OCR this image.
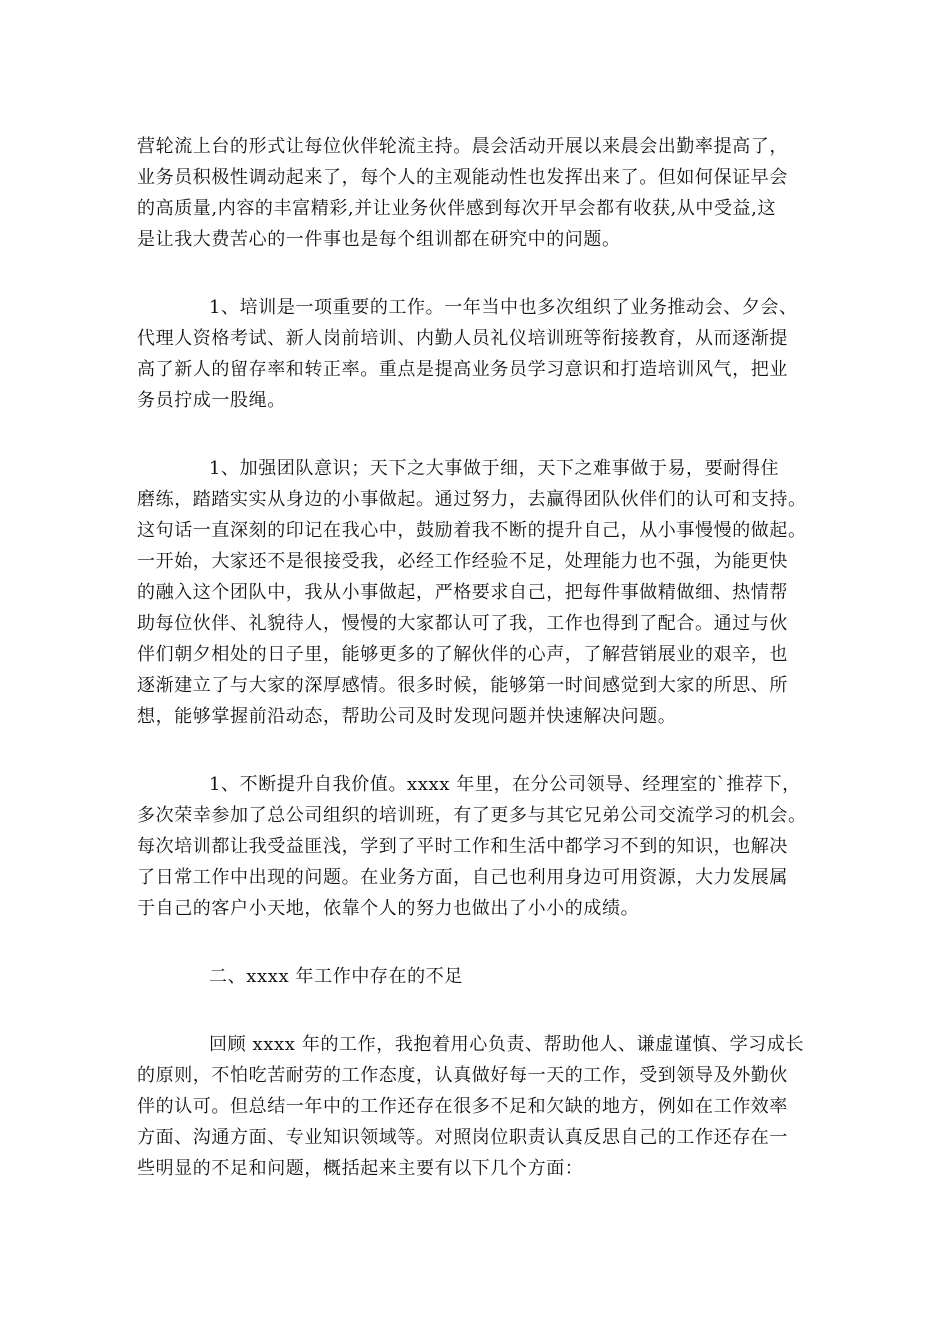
营轮流上台的形式让每位伙伴轮流主持。晨会活动开展以来晨会出勤率提高了，
业务员积极性调动起来了，每个人的主观能动性也发挥出来了。但如何保证早会
的高质量,内容的丰富精彩,并让业务伙伴感到每次开早会都有收获,从中受益,这
是让我大费苦心的一件事也是每个组训都在研究中的问题。
1、培训是一项重要的工作。一年当中也多次组织了业务推动会、夕会、
代理人资格考试、新人岗前培训、内勤人员礼仪培训班等衔接教育，从而逐渐提
高了新人的留存率和转正率。重点是提高业务员学习意识和打造培训风气，把业
务员拧成一股绳。
1、加强团队意识；天下之大事做于细，天下之难事做于易，要耐得住
磨练，踏踏实实从身边的小事做起。通过努力，去赢得团队伙伴们的认可和支持。
这句话一直深刻的印记在我心中，鼓励着我不断的提升自己，从小事慢慢的做起。
一开始，大家还不是很接受我，必经工作经验不足，处理能力也不强，为能更快
的融入这个团队中，我从小事做起，严格要求自己，把每件事做精做细、热情帮
助每位伙伴、礼貌待人，慢慢的大家都认可了我，工作也得到了配合。通过与伙
伴们朝夕相处的日子里，能够更多的了解伙伴的心声，了解营销展业的艰辛，也
逐渐建立了与大家的深厚感情。很多时候，能够第一时间感觉到大家的所思、所
想，能够掌握前沿动态，帮助公司及时发现问题并快速解决问题。
1、不断提升自我价值。xxxx 年里，在分公司领导、经理室的`推荐下，
多次荣幸参加了总公司组织的培训班，有了更多与其它兄弟公司交流学习的机会。
每次培训都让我受益匪浅，学到了平时工作和生活中都学习不到的知识，也解决
了日常工作中出现的问题。在业务方面，自己也利用身边可用资源，大力发展属
于自己的客户小天地，依靠个人的努力也做出了小小的成绩。
二、xxxx 年工作中存在的不足
回顾 xxxx 年的工作，我抱着用心负责、帮助他人、谦虚谨慎、学习成长
的原则，不怕吃苦耐劳的工作态度，认真做好每一天的工作，受到领导及外勤伙
伴的认可。但总结一年中的工作还存在很多不足和欠缺的地方，例如在工作效率
方面、沟通方面、专业知识领域等。对照岗位职责认真反思自己的工作还存在一
些明显的不足和问题，概括起来主要有以下几个方面：
